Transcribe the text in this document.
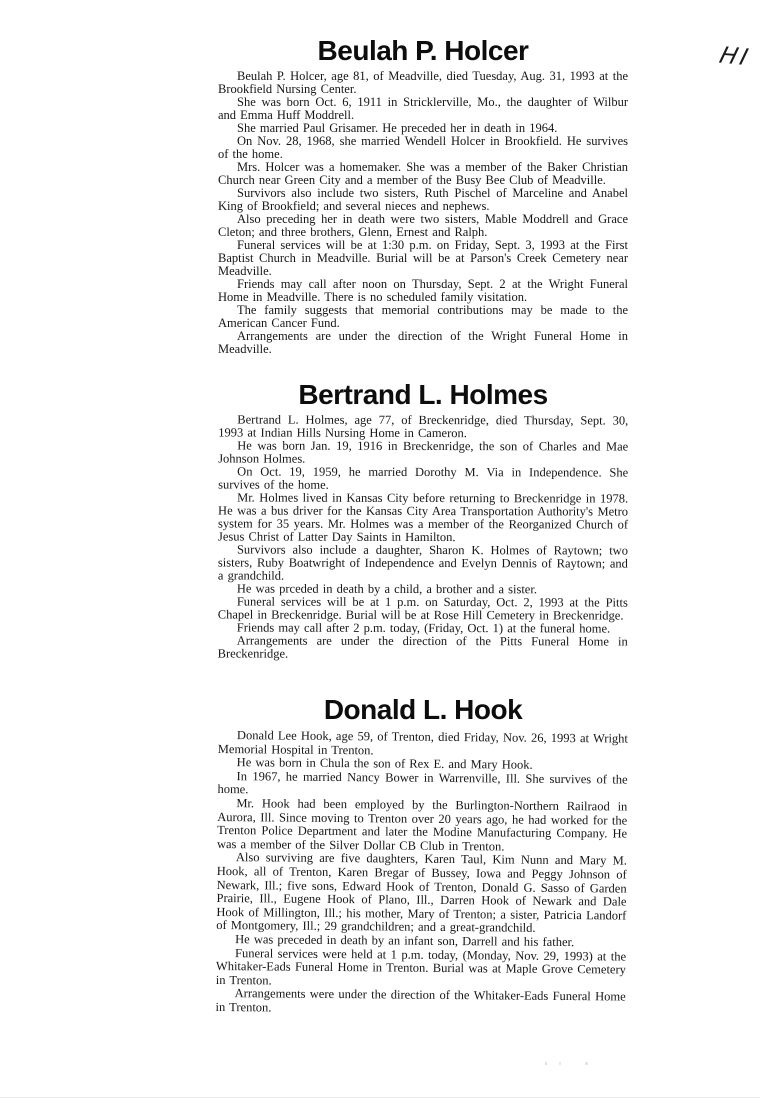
HI
Beulah P. Holcer

Beulah P. Holcer, age 81, of Meadville, died Tuesday, Aug. 31, 1993 at the Brookfield Nursing Center.

She was born Oct. 6, 1911 in Stricklerville, Mo., the daughter of Wilbur and Emma Huff Moddrell.

She married Paul Grisamer. He preceded her in death in 1964.

On Nov. 28, 1968, she married Wendell Holcer in Brookfield. He survives of the home.

Mrs. Holcer was a homemaker. She was a member of the Baker Christian Church near Green City and a member of the Busy Bee Club of Meadville.

Survivors also include two sisters, Ruth Pischel of Marceline and Anabel King of Brookfield; and several nieces and nephews.

Also preceding her in death were two sisters, Mable Moddrell and Grace Cleton; and three brothers, Glenn, Ernest and Ralph.

Funeral services will be at 1:30 p.m. on Friday, Sept. 3, 1993 at the First Baptist Church in Meadville. Burial will be at Parson's Creek Cemetery near Meadville.

Friends may call after noon on Thursday, Sept. 2 at the Wright Funeral Home in Meadville. There is no scheduled family visitation.

The family suggests that memorial contributions may be made to the American Cancer Fund.

Arrangements are under the direction of the Wright Funeral Home in Meadville.

Bertrand L. Holmes

Bertrand L. Holmes, age 77, of Breckenridge, died Thursday, Sept. 30, 1993 at Indian Hills Nursing Home in Cameron.

He was born Jan. 19, 1916 in Breckenridge, the son of Charles and Mae Johnson Holmes.

On Oct. 19, 1959, he married Dorothy M. Via in Independence. She survives of the home.

Mr. Holmes lived in Kansas City before returning to Breckenridge in 1978. He was a bus driver for the Kansas City Area Transportation Authority's Metro system for 35 years. Mr. Holmes was a member of the Reorganized Church of Jesus Christ of Latter Day Saints in Hamilton.

Survivors also include a daughter, Sharon K. Holmes of Raytown; two sisters, Ruby Boatwright of Independence and Evelyn Dennis of Raytown; and a grandchild.

He was prceded in death by a child, a brother and a sister.

Funeral services will be at 1 p.m. on Saturday, Oct. 2, 1993 at the Pitts Chapel in Breckenridge. Burial will be at Rose Hill Cemetery in Breckenridge.

Friends may call after 2 p.m. today, (Friday, Oct. 1) at the funeral home.

Arrangements are under the direction of the Pitts Funeral Home in Breckenridge.

Donald L. Hook

Donald Lee Hook, age 59, of Trenton, died Friday, Nov. 26, 1993 at Wright Memorial Hospital in Trenton.

He was born in Chula the son of Rex E. and Mary Hook.

In 1967, he married Nancy Bower in Warrenville, Ill. She survives of the home.

Mr. Hook had been employed by the Burlington-Northern Railraod in Aurora, Ill. Since moving to Trenton over 20 years ago, he had worked for the Trenton Police Department and later the Modine Manufacturing Company. He was a member of the Silver Dollar CB Club in Trenton.

Also surviving are five daughters, Karen Taul, Kim Nunn and Mary M. Hook, all of Trenton, Karen Bregar of Bussey, Iowa and Peggy Johnson of Newark, Ill.; five sons, Edward Hook of Trenton, Donald G. Sasso of Garden Prairie, Ill., Eugene Hook of Plano, Ill., Darren Hook of Newark and Dale Hook of Millington, Ill.; his mother, Mary of Trenton; a sister, Patricia Landorf of Montgomery, Ill.; 29 grandchildren; and a great-grandchild.

He was preceded in death by an infant son, Darrell and his father.

Funeral services were held at 1 p.m. today, (Monday, Nov. 29, 1993) at the Whitaker-Eads Funeral Home in Trenton. Burial was at Maple Grove Cemetery in Trenton.

Arrangements were under the direction of the Whitaker-Eads Funeral Home in Trenton.
